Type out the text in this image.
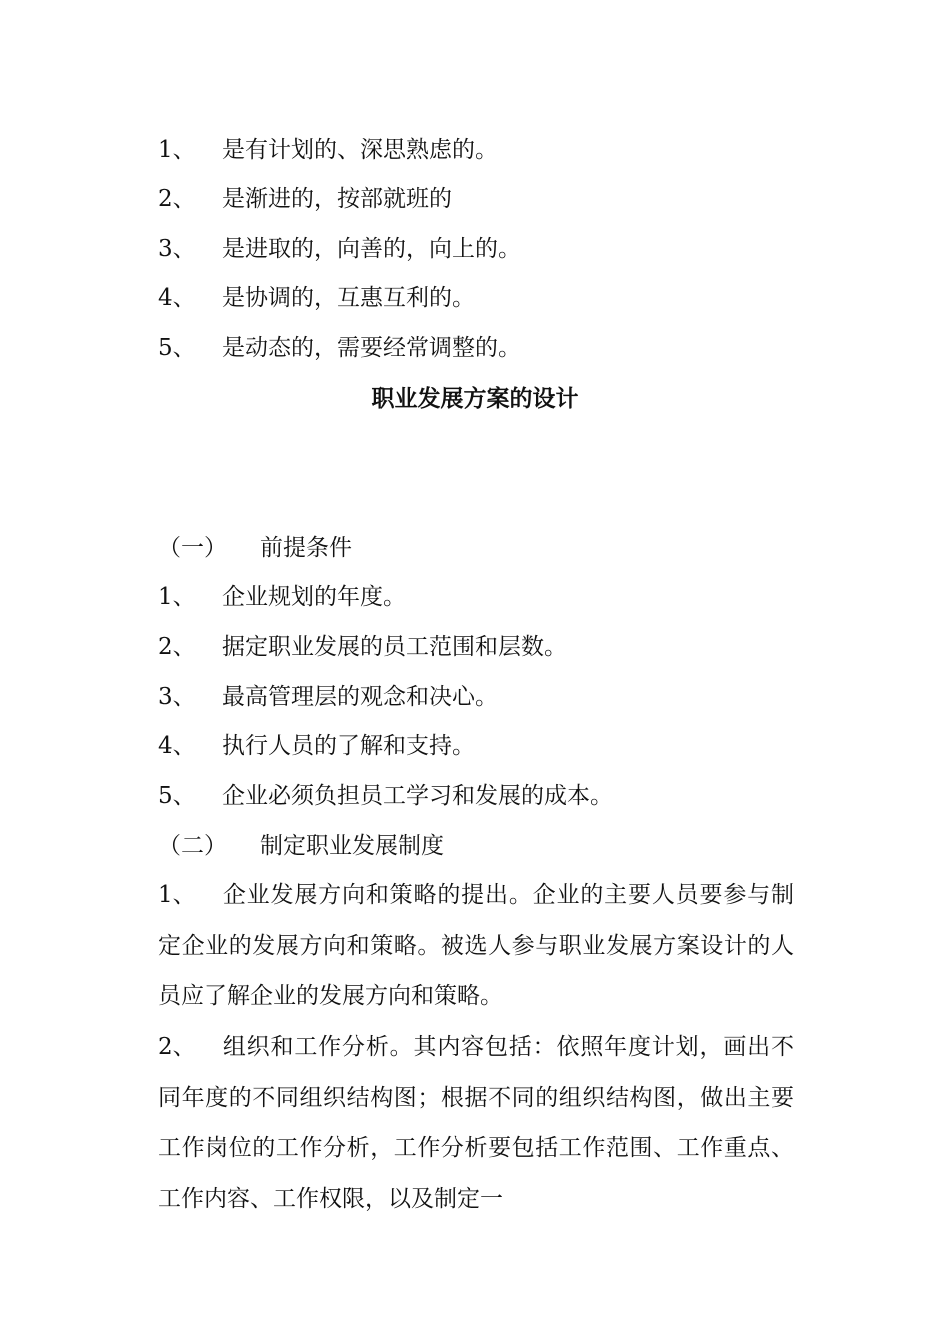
1、 是有计划的、深思熟虑的。
2、 是渐进的，按部就班的
3、 是进取的，向善的，向上的。
4、 是协调的，互惠互利的。
5、 是动态的，需要经常调整的。
职业发展方案的设计
（一） 前提条件
1、 企业规划的年度。
2、 据定职业发展的员工范围和层数。
3、 最高管理层的观念和决心。
4、 执行人员的了解和支持。
5、 企业必须负担员工学习和发展的成本。
（二） 制定职业发展制度
1、 企业发展方向和策略的提出。企业的主要人员要参与制定企业的发展方向和策略。被选人参与职业发展方案设计的人员应了解企业的发展方向和策略。
2、 组织和工作分析。其内容包括：依照年度计划，画出不同年度的不同组织结构图；根据不同的组织结构图，做出主要工作岗位的工作分析，工作分析要包括工作范围、工作重点、工作内容、工作权限，以及制定一
